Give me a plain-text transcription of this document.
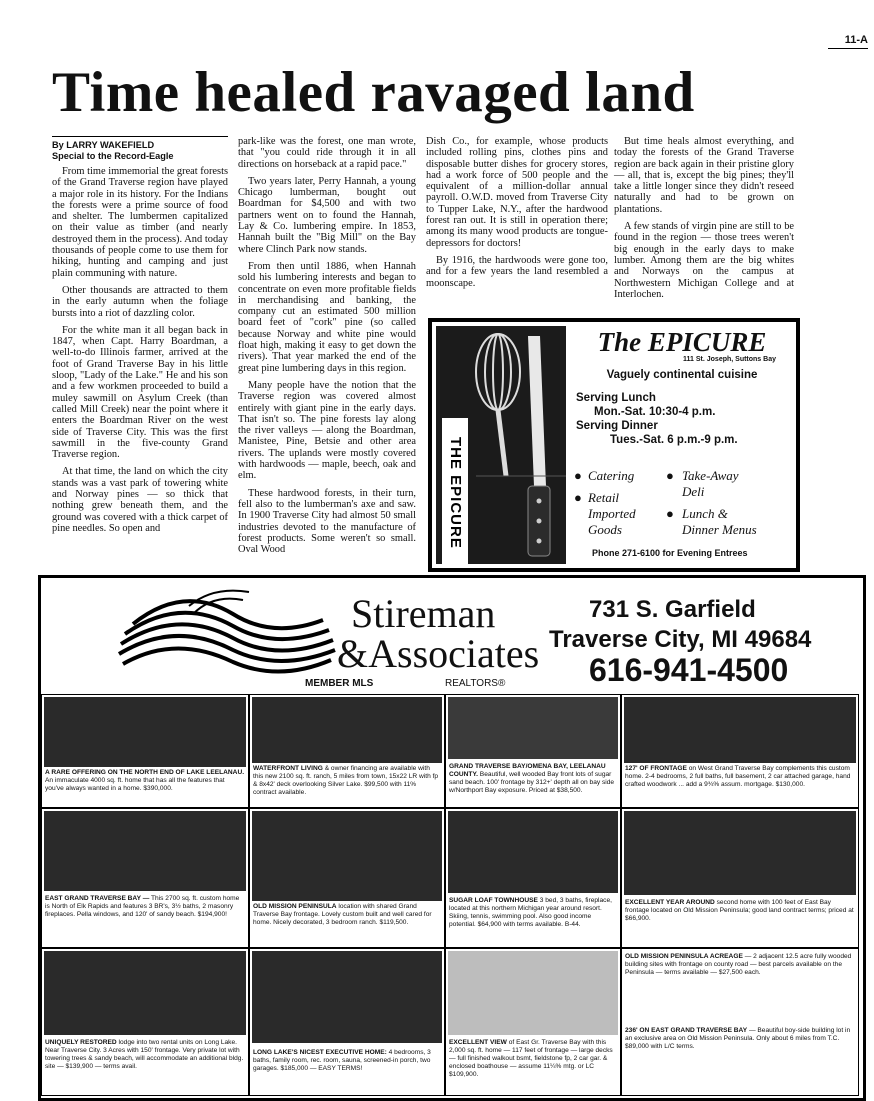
11-A
Time healed ravaged land
By LARRY WAKEFIELD
Special to the Record-Eagle

From time immemorial the great forests of the Grand Traverse region have played a major role in its history. For the Indians the forests were a prime source of food and shelter. The lumbermen capitalized on their value as timber (and nearly destroyed them in the process). And today thousands of people come to use them for hiking, hunting and camping and just plain communing with nature.

Other thousands are attracted to them in the early autumn when the foliage bursts into a riot of dazzling color.

For the white man it all began back in 1847, when Capt. Harry Boardman, a well-to-do Illinois farmer, arrived at the foot of Grand Traverse Bay in his little sloop, "Lady of the Lake." He and his son and a few workmen proceeded to build a muley sawmill on Asylum Creek (than called Mill Creek) near the point where it enters the Boardman River on the west side of Traverse City. This was the first sawmill in the five-county Grand Traverse region.

At that time, the land on which the city stands was a vast park of towering white and Norway pines — so thick that nothing grew beneath them, and the ground was covered with a thick carpet of pine needles. So open and

park-like was the forest, one man wrote, that "you could ride through it in all directions on horseback at a rapid pace."

Two years later, Perry Hannah, a young Chicago lumberman, bought out Boardman for $4,500 and with two partners went on to found the Hannah, Lay & Co. lumbering empire. In 1853, Hannah built the "Big Mill" on the Bay where Clinch Park now stands.

From then until 1886, when Hannah sold his lumbering interests and began to concentrate on even more profitable fields in merchandising and banking, the company cut an estimated 500 million board feet of "cork" pine (so called because Norway and white pine would float high, making it easy to get down the rivers). That year marked the end of the great pine lumbering days in this region.

Many people have the notion that the Traverse region was covered almost entirely with giant pine in the early days. That isn't so. The pine forests lay along the river valleys — along the Boardman, Manistee, Pine, Betsie and other area rivers. The uplands were mostly covered with hardwoods — maple, beech, oak and elm.

These hardwood forests, in their turn, fell also to the lumberman's axe and saw. In 1900 Traverse City had almost 50 small industries devoted to the manufacture of forest products. Some weren't so small. Oval Wood

Dish Co., for example, whose products included rolling pins, clothes pins and disposable butter dishes for grocery stores, had a work force of 500 people and the equivalent of a million-dollar annual payroll. O.W.D. moved from Traverse City to Tupper Lake, N.Y., after the hardwood forest ran out. It is still in operation there; among its many wood products are tongue-depressors for doctors!

By 1916, the hardwoods were gone too, and for a few years the land resembled a moonscape.

But time heals almost everything, and today the forests of the Grand Traverse region are back again in their pristine glory — all, that is, except the big pines; they'll take a little longer since they didn't reseed naturally and had to be grown on plantations.

A few stands of virgin pine are still to be found in the region — those trees weren't big enough in the early days to make lumber. Among them are the big whites and Norways on the campus at Northwestern Michigan College and at Interlochen.

THE EPICURE
The EPICURE
111 St. Joseph, Suttons Bay
Vaguely continental cuisine
Serving Lunch
Mon.-Sat. 10:30-4 p.m.
Serving Dinner
Tues.-Sat. 6 p.m.-9 p.m.
● Catering ● Take-Away
Deli
● Retail
Imported ● Lunch &
Goods	Dinner Menus
Phone 271-6100 for Evening Entrees
Stireman
&Associates
MEMBER MLS	REALTORS®
731 S. Garfield
Traverse City, MI 49684
616-941-4500
A RARE OFFERING ON THE NORTH END OF LAKE LEELANAU. An immaculate 4000 sq. ft. home that has all the features that you've always wanted in a home. $390,000.
WATERFRONT LIVING & owner financing are available with this new 2100 sq. ft. ranch, 5 miles from town, 15x22 LR with fp & 8x42' deck overlooking Silver Lake. $99,500 with 11% contract available.
GRAND TRAVERSE BAY/OMENA BAY, LEELANAU COUNTY. Beautiful, well wooded Bay front lots of sugar sand beach. 100' frontage by 312+' depth all on bay side w/Northport Bay exposure. Priced at $38,500.
127' OF FRONTAGE on West Grand Traverse Bay complements this custom home. 2-4 bedrooms, 2 full baths, full basement, 2 car attached garage, hand crafted woodwork ... add a 9¾% assum. mortgage. $130,000.
EAST GRAND TRAVERSE BAY — This 2700 sq. ft. custom home is North of Elk Rapids and features 3 BR's, 3½ baths, 2 masonry fireplaces. Pella windows, and 120' of sandy beach. $194,900!
OLD MISSION PENINSULA location with shared Grand Traverse Bay frontage. Lovely custom built and well cared for home. Nicely decorated, 3 bedroom ranch. $119,500.
SUGAR LOAF TOWNHOUSE 3 bed, 3 baths, fireplace, located at this northern Michigan year around resort. Skiing, tennis, swimming pool. Also good income potential. $64,900 with terms available. B-44.
EXCELLENT YEAR AROUND second home with 100 feet of East Bay frontage located on Old Mission Peninsula; good land contract terms; priced at $66,900.
UNIQUELY RESTORED lodge into two rental units on Long Lake. Near Traverse City. 3 Acres with 150' frontage. Very private lot with towering trees & sandy beach, will accommodate an additional bldg. site — $139,900 — terms avail.
LONG LAKE'S NICEST EXECUTIVE HOME: 4 bedrooms, 3 baths, family room, rec. room, sauna, screened-in porch, two garages. $185,000 — EASY TERMS!
EXCELLENT VIEW of East Gr. Traverse Bay with this 2,000 sq. ft. home — 117 feet of frontage — large decks — full finished walkout bsmt, fieldstone fp, 2 car gar. & enclosed boathouse — assume 11¼% mtg. or LC $109,900.
OLD MISSION PENINSULA ACREAGE — 2 adjacent 12.5 acre fully wooded building sites with frontage on county road — best parcels available on the Peninsula — terms available — $27,500 each.
236' ON EAST GRAND TRAVERSE BAY — Beautiful boy-side building lot in an exclusive area on Old Mission Peninsula. Only about 6 miles from T.C. $89,000 with L/C terms.
